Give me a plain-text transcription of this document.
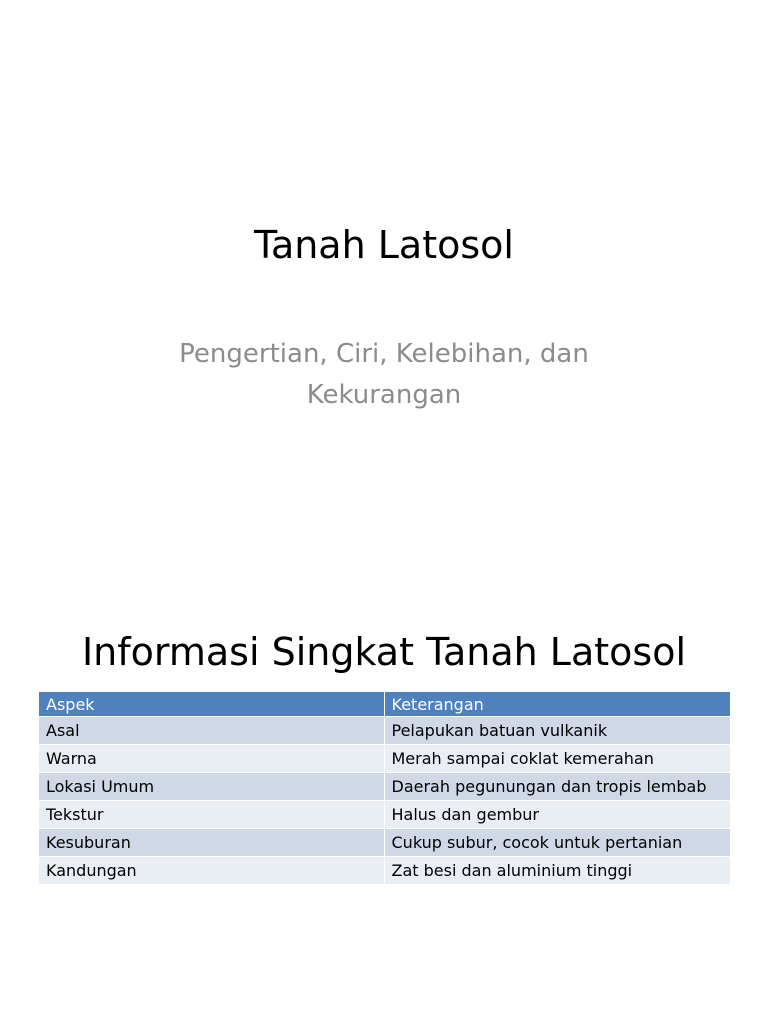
Tanah Latosol

Pengertian, Ciri, Kelebihan, dan
Kekurangan

Informasi Singkat Tanah Latosol
Aspek	Keterangan
Asal	Pelapukan batuan vulkanik
Warna	Merah sampai coklat kemerahan
Lokasi Umum	Daerah pegunungan dan tropis lembab
Tekstur	Halus dan gembur
Kesuburan	Cukup subur, cocok untuk pertanian
Kandungan	Zat besi dan aluminium tinggi
